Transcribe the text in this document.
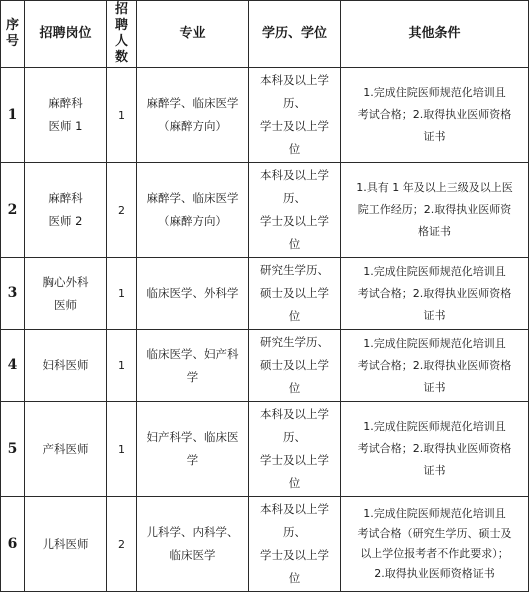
序
号	招聘岗位	招聘
人数	专业	学历、学位	其他条件
1	麻醉科
医师 1	1	麻醉学、临床医学
（麻醉方向）	本科及以上学
历、
学士及以上学
位	1.完成住院医师规范化培训且
考试合格；2.取得执业医师资格
证书

2	麻醉科
医师 2	2	麻醉学、临床医学
（麻醉方向）	本科及以上学
历、
学士及以上学
位	1.具有 1 年及以上三级及以上医
院工作经历；2.取得执业医师资
格证书

3	胸心外科
医师	1	临床医学、外科学	研究生学历、
硕士及以上学
位	1.完成住院医师规范化培训且
考试合格；2.取得执业医师资格
证书

4	妇科医师	1	临床医学、妇产科
学	研究生学历、
硕士及以上学
位	1.完成住院医师规范化培训且
考试合格；2.取得执业医师资格
证书

5	产科医师	1	妇产科学、临床医
学	本科及以上学
历、
学士及以上学
位	1.完成住院医师规范化培训且
考试合格；2.取得执业医师资格
证书

6	儿科医师	2	儿科学、内科学、
临床医学	本科及以上学
历、
学士及以上学
位	1.完成住院医师规范化培训且
考试合格（研究生学历、硕士及
以上学位报考者不作此要求）；
2.取得执业医师资格证书
